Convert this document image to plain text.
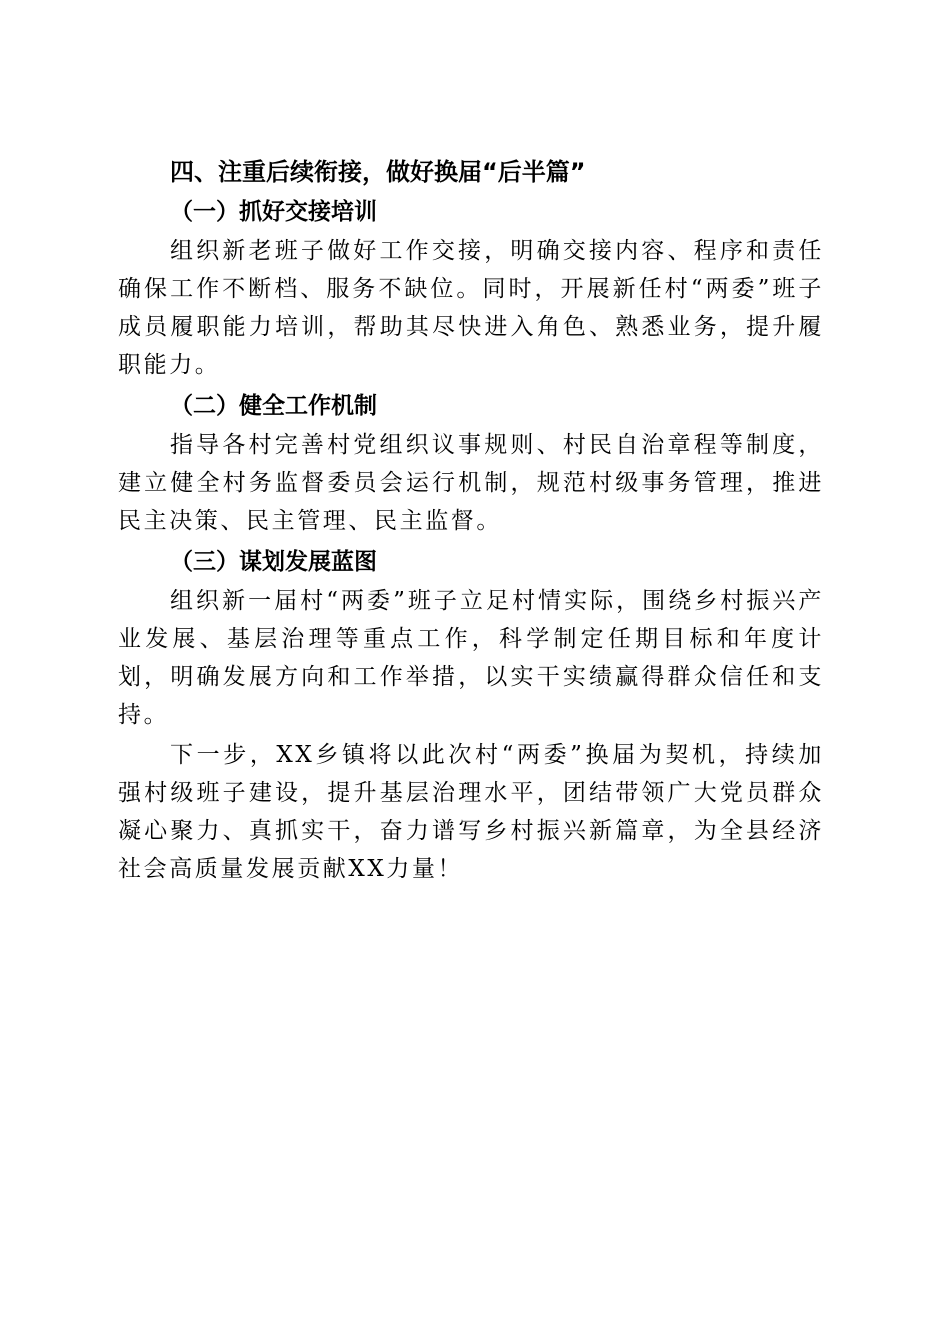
四、注重后续衔接，做好换届“后半篇”
（一）抓好交接培训

组织新老班子做好工作交接，明确交接内容、程序和责任确保工作不断档、服务不缺位。同时，开展新任村“两委”班子成员履职能力培训，帮助其尽快进入角色、熟悉业务，提升履职能力。

（二）健全工作机制

指导各村完善村党组织议事规则、村民自治章程等制度，建立健全村务监督委员会运行机制，规范村级事务管理，推进民主决策、民主管理、民主监督。

（三）谋划发展蓝图

组织新一届村“两委”班子立足村情实际，围绕乡村振兴产业发展、基层治理等重点工作，科学制定任期目标和年度计划，明确发展方向和工作举措，以实干实绩赢得群众信任和支持。

下一步，XX乡镇将以此次村“两委”换届为契机，持续加强村级班子建设，提升基层治理水平，团结带领广大党员群众凝心聚力、真抓实干，奋力谱写乡村振兴新篇章，为全县经济社会高质量发展贡献XX力量！
